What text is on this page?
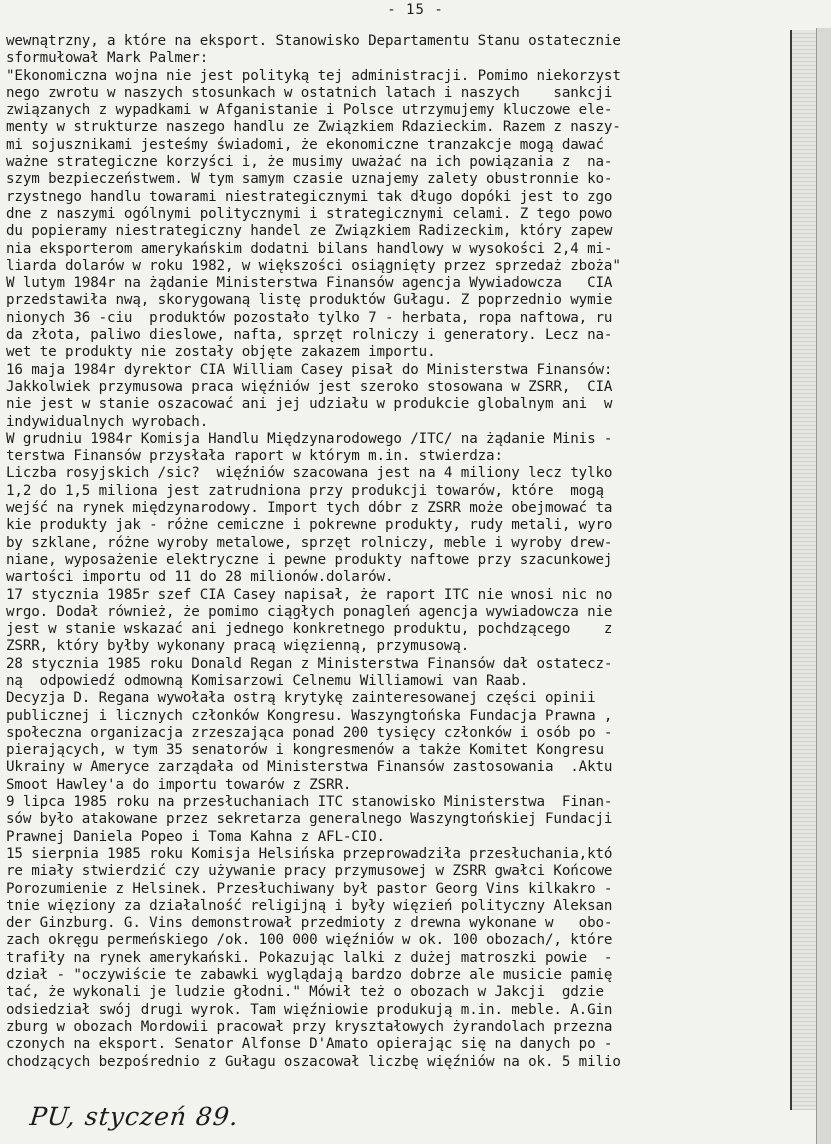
- 15 -
wewnątrzny, a które na eksport. Stanowisko Departamentu Stanu ostatecznie
sformułował Mark Palmer:
"Ekonomiczna wojna nie jest polityką tej administracji. Pomimo niekorzyst
nego zwrotu w naszych stosunkach w ostatnich latach i naszych    sankcji
związanych z wypadkami w Afganistanie i Polsce utrzymujemy kluczowe ele-
menty w strukturze naszego handlu ze Związkiem Rdazieckim. Razem z naszy-
mi sojusznikami jesteśmy świadomi, że ekonomiczne tranzakcje mogą dawać
ważne strategiczne korzyści i, że musimy uważać na ich powiązania z  na-
szym bezpieczeństwem. W tym samym czasie uznajemy zalety obustronnie ko-
rzystnego handlu towarami niestrategicznymi tak długo dopóki jest to zgo
dne z naszymi ogólnymi politycznymi i strategicznymi celami. Z tego powo
du popieramy niestrategiczny handel ze Związkiem Radizeckim, który zapew
nia eksporterom amerykańskim dodatni bilans handlowy w wysokości 2,4 mi-
liarda dolarów w roku 1982, w większości osiągnięty przez sprzedaż zboża"
W lutym 1984r na żądanie Ministerstwa Finansów agencja Wywiadowcza   CIA
przedstawiła nwą, skorygowaną listę produktów Gułagu. Z poprzednio wymie
nionych 36 -ciu  produktów pozostało tylko 7 - herbata, ropa naftowa, ru
da złota, paliwo dieslowe, nafta, sprzęt rolniczy i generatory. Lecz na-
wet te produkty nie zostały objęte zakazem importu.
16 maja 1984r dyrektor CIA William Casey pisał do Ministerstwa Finansów:
Jakkolwiek przymusowa praca więźniów jest szeroko stosowana w ZSRR,  CIA
nie jest w stanie oszacować ani jej udziału w produkcie globalnym ani  w
indywidualnych wyrobach.
W grudniu 1984r Komisja Handlu Międzynarodowego /ITC/ na żądanie Minis -
terstwa Finansów przysłała raport w którym m.in. stwierdza:
Liczba rosyjskich /sic?  więźniów szacowana jest na 4 miliony lecz tylko
1,2 do 1,5 miliona jest zatrudniona przy produkcji towarów, które  mogą
wejść na rynek międzynarodowy. Import tych dóbr z ZSRR może obejmować ta
kie produkty jak - różne cemiczne i pokrewne produkty, rudy metali, wyro
by szklane, różne wyroby metalowe, sprzęt rolniczy, meble i wyroby drew-
niane, wyposażenie elektryczne i pewne produkty naftowe przy szacunkowej
wartości importu od 11 do 28 milionów.dolarów.
17 stycznia 1985r szef CIA Casey napisał, że raport ITC nie wnosi nic no
wrgo. Dodał również, że pomimo ciągłych ponagleń agencja wywiadowcza nie
jest w stanie wskazać ani jednego konkretnego produktu, pochdzącego    z
ZSRR, który byłby wykonany pracą więzienną, przymusową.
28 stycznia 1985 roku Donald Regan z Ministerstwa Finansów dał ostatecz-
ną  odpowiedź odmowną Komisarzowi Celnemu Williamowi van Raab.
Decyzja D. Regana wywołała ostrą krytykę zainteresowanej części opinii
publicznej i licznych członków Kongresu. Waszyngtońska Fundacja Prawna ,
społeczna organizacja zrzeszająca ponad 200 tysięcy członków i osób po -
pierających, w tym 35 senatorów i kongresmenów a także Komitet Kongresu
Ukrainy w Ameryce zarządała od Ministerstwa Finansów zastosowania  .Aktu
Smoot Hawley'a do importu towarów z ZSRR.
9 lipca 1985 roku na przesłuchaniach ITC stanowisko Ministerstwa  Finan-
sów było atakowane przez sekretarza generalnego Waszyngtońskiej Fundacji
Prawnej Daniela Popeo i Toma Kahna z AFL-CIO.
15 sierpnia 1985 roku Komisja Helsińska przeprowadziła przesłuchania,któ
re miały stwierdzić czy używanie pracy przymusowej w ZSRR gwałci Końcowe
Porozumienie z Helsinek. Przesłuchiwany był pastor Georg Vins kilkakro -
tnie więziony za działalność religijną i były więzień polityczny Aleksan
der Ginzburg. G. Vins demonstrował przedmioty z drewna wykonane w   obo-
zach okręgu permeńskiego /ok. 100 000 więźniów w ok. 100 obozach/, które
trafiły na rynek amerykański. Pokazując lalki z dużej matroszki powie  -
dział - "oczywiście te zabawki wyglądają bardzo dobrze ale musicie pamię
tać, że wykonali je ludzie głodni." Mówił też o obozach w Jakcji  gdzie
odsiedział swój drugi wyrok. Tam więźniowie produkują m.in. meble. A.Gin
zburg w obozach Mordowii pracował przy kryształowych żyrandolach przezna
czonych na eksport. Senator Alfonse D'Amato opierając się na danych po -
chodzących bezpośrednio z Gułagu oszacował liczbę więźniów na ok. 5 milio
PU, styczeń 89.
